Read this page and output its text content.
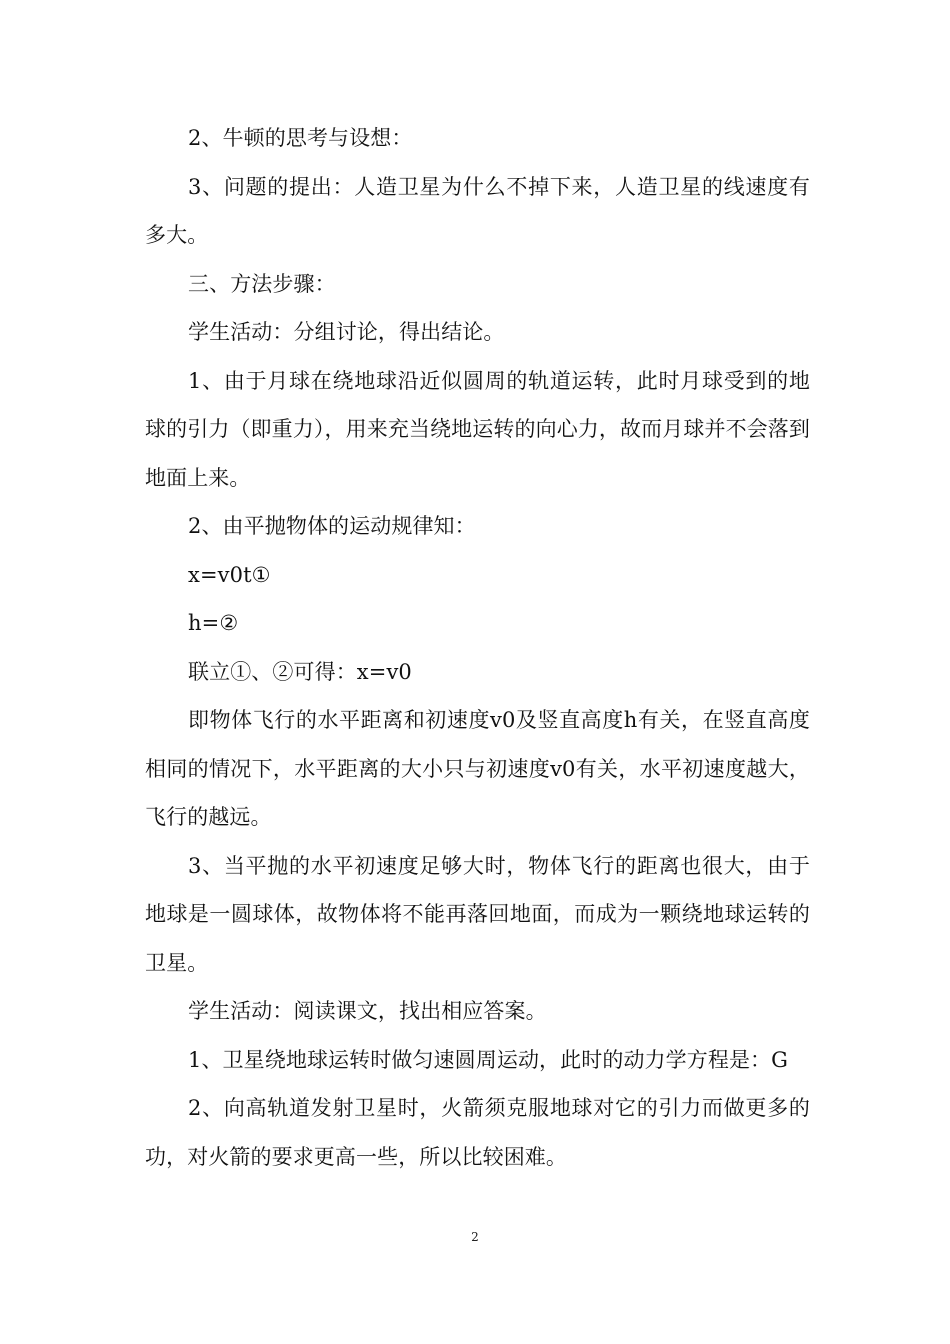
2、牛顿的思考与设想：

3、问题的提出：人造卫星为什么不掉下来，人造卫星的线速度有多大。

三、方法步骤：

学生活动：分组讨论，得出结论。

1、由于月球在绕地球沿近似圆周的轨道运转，此时月球受到的地球的引力（即重力），用来充当绕地运转的向心力，故而月球并不会落到地面上来。

2、由平抛物体的运动规律知：

x=v0t①

h=②

联立①、②可得：x=v0

即物体飞行的水平距离和初速度v0及竖直高度h有关，在竖直高度相同的情况下，水平距离的大小只与初速度v0有关，水平初速度越大，飞行的越远。

3、当平抛的水平初速度足够大时，物体飞行的距离也很大，由于地球是一圆球体，故物体将不能再落回地面，而成为一颗绕地球运转的卫星。

学生活动：阅读课文，找出相应答案。

1、卫星绕地球运转时做匀速圆周运动，此时的动力学方程是：G

2、向高轨道发射卫星时，火箭须克服地球对它的引力而做更多的功，对火箭的要求更高一些，所以比较困难。

2
